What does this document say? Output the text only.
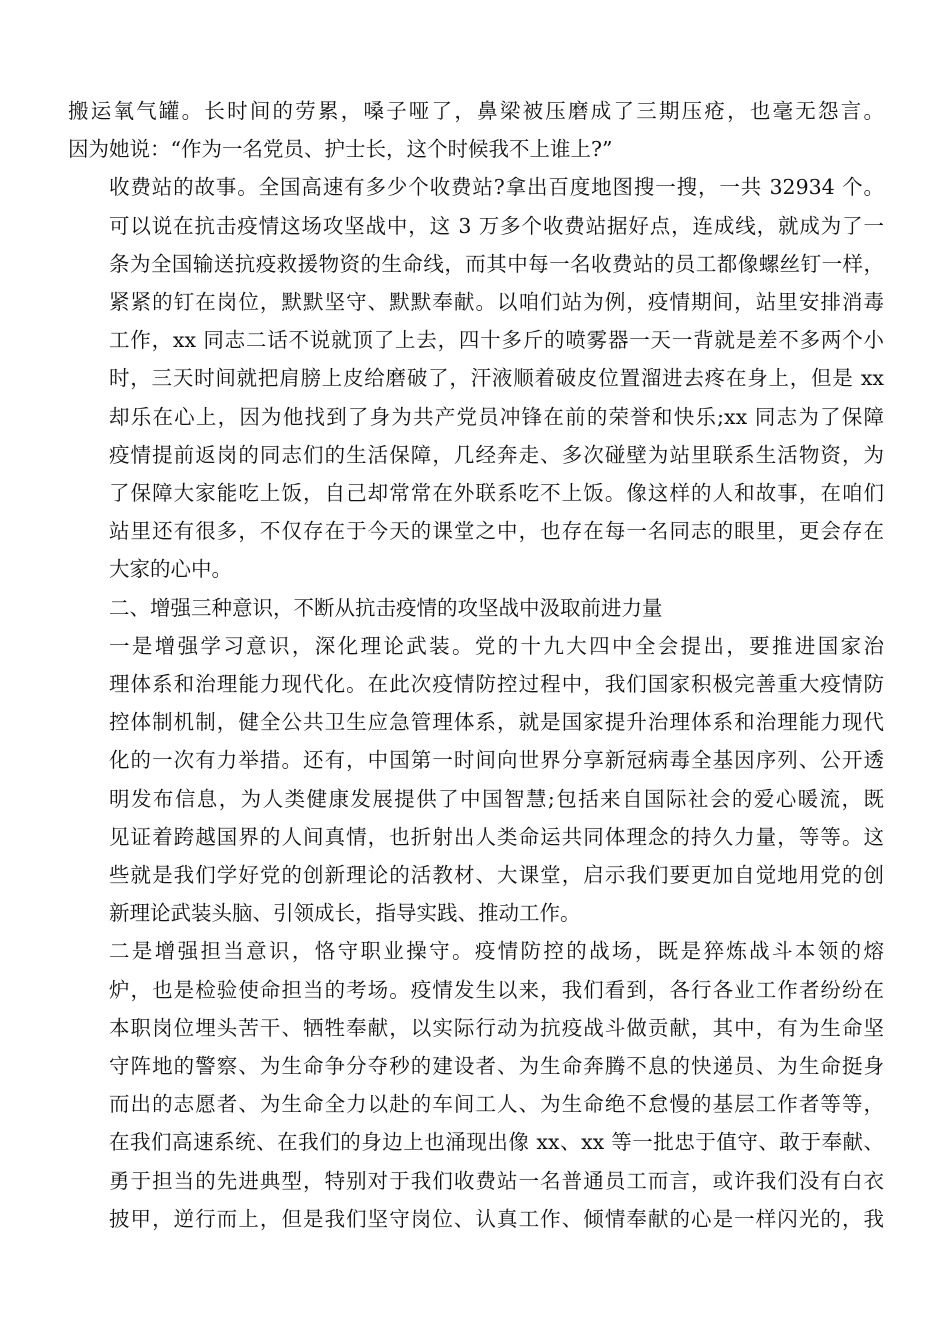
搬运氧气罐。长时间的劳累，嗓子哑了，鼻梁被压磨成了三期压疮，也毫无怨言。
因为她说：“作为一名党员、护士长，这个时候我不上谁上?”
收费站的故事。全国高速有多少个收费站?拿出百度地图搜一搜，一共 32934 个。
可以说在抗击疫情这场攻坚战中，这 3 万多个收费站据好点，连成线，就成为了一
条为全国输送抗疫救援物资的生命线，而其中每一名收费站的员工都像螺丝钉一样，
紧紧的钉在岗位，默默坚守、默默奉献。以咱们站为例，疫情期间，站里安排消毒
工作，xx 同志二话不说就顶了上去，四十多斤的喷雾器一天一背就是差不多两个小
时，三天时间就把肩膀上皮给磨破了，汗液顺着破皮位置溜进去疼在身上，但是 xx
却乐在心上，因为他找到了身为共产党员冲锋在前的荣誉和快乐;xx 同志为了保障
疫情提前返岗的同志们的生活保障，几经奔走、多次碰壁为站里联系生活物资，为
了保障大家能吃上饭，自己却常常在外联系吃不上饭。像这样的人和故事，在咱们
站里还有很多，不仅存在于今天的课堂之中，也存在每一名同志的眼里，更会存在
大家的心中。
二、增强三种意识，不断从抗击疫情的攻坚战中汲取前进力量
一是增强学习意识，深化理论武装。党的十九大四中全会提出，要推进国家治
理体系和治理能力现代化。在此次疫情防控过程中，我们国家积极完善重大疫情防
控体制机制，健全公共卫生应急管理体系，就是国家提升治理体系和治理能力现代
化的一次有力举措。还有，中国第一时间向世界分享新冠病毒全基因序列、公开透
明发布信息，为人类健康发展提供了中国智慧;包括来自国际社会的爱心暖流，既
见证着跨越国界的人间真情，也折射出人类命运共同体理念的持久力量，等等。这
些就是我们学好党的创新理论的活教材、大课堂，启示我们要更加自觉地用党的创
新理论武装头脑、引领成长，指导实践、推动工作。
二是增强担当意识，恪守职业操守。疫情防控的战场，既是猝炼战斗本领的熔
炉，也是检验使命担当的考场。疫情发生以来，我们看到，各行各业工作者纷纷在
本职岗位埋头苦干、牺牲奉献，以实际行动为抗疫战斗做贡献，其中，有为生命坚
守阵地的警察、为生命争分夺秒的建设者、为生命奔腾不息的快递员、为生命挺身
而出的志愿者、为生命全力以赴的车间工人、为生命绝不怠慢的基层工作者等等，
在我们高速系统、在我们的身边上也涌现出像 xx、xx 等一批忠于值守、敢于奉献、
勇于担当的先进典型，特别对于我们收费站一名普通员工而言，或许我们没有白衣
披甲，逆行而上，但是我们坚守岗位、认真工作、倾情奉献的心是一样闪光的，我
